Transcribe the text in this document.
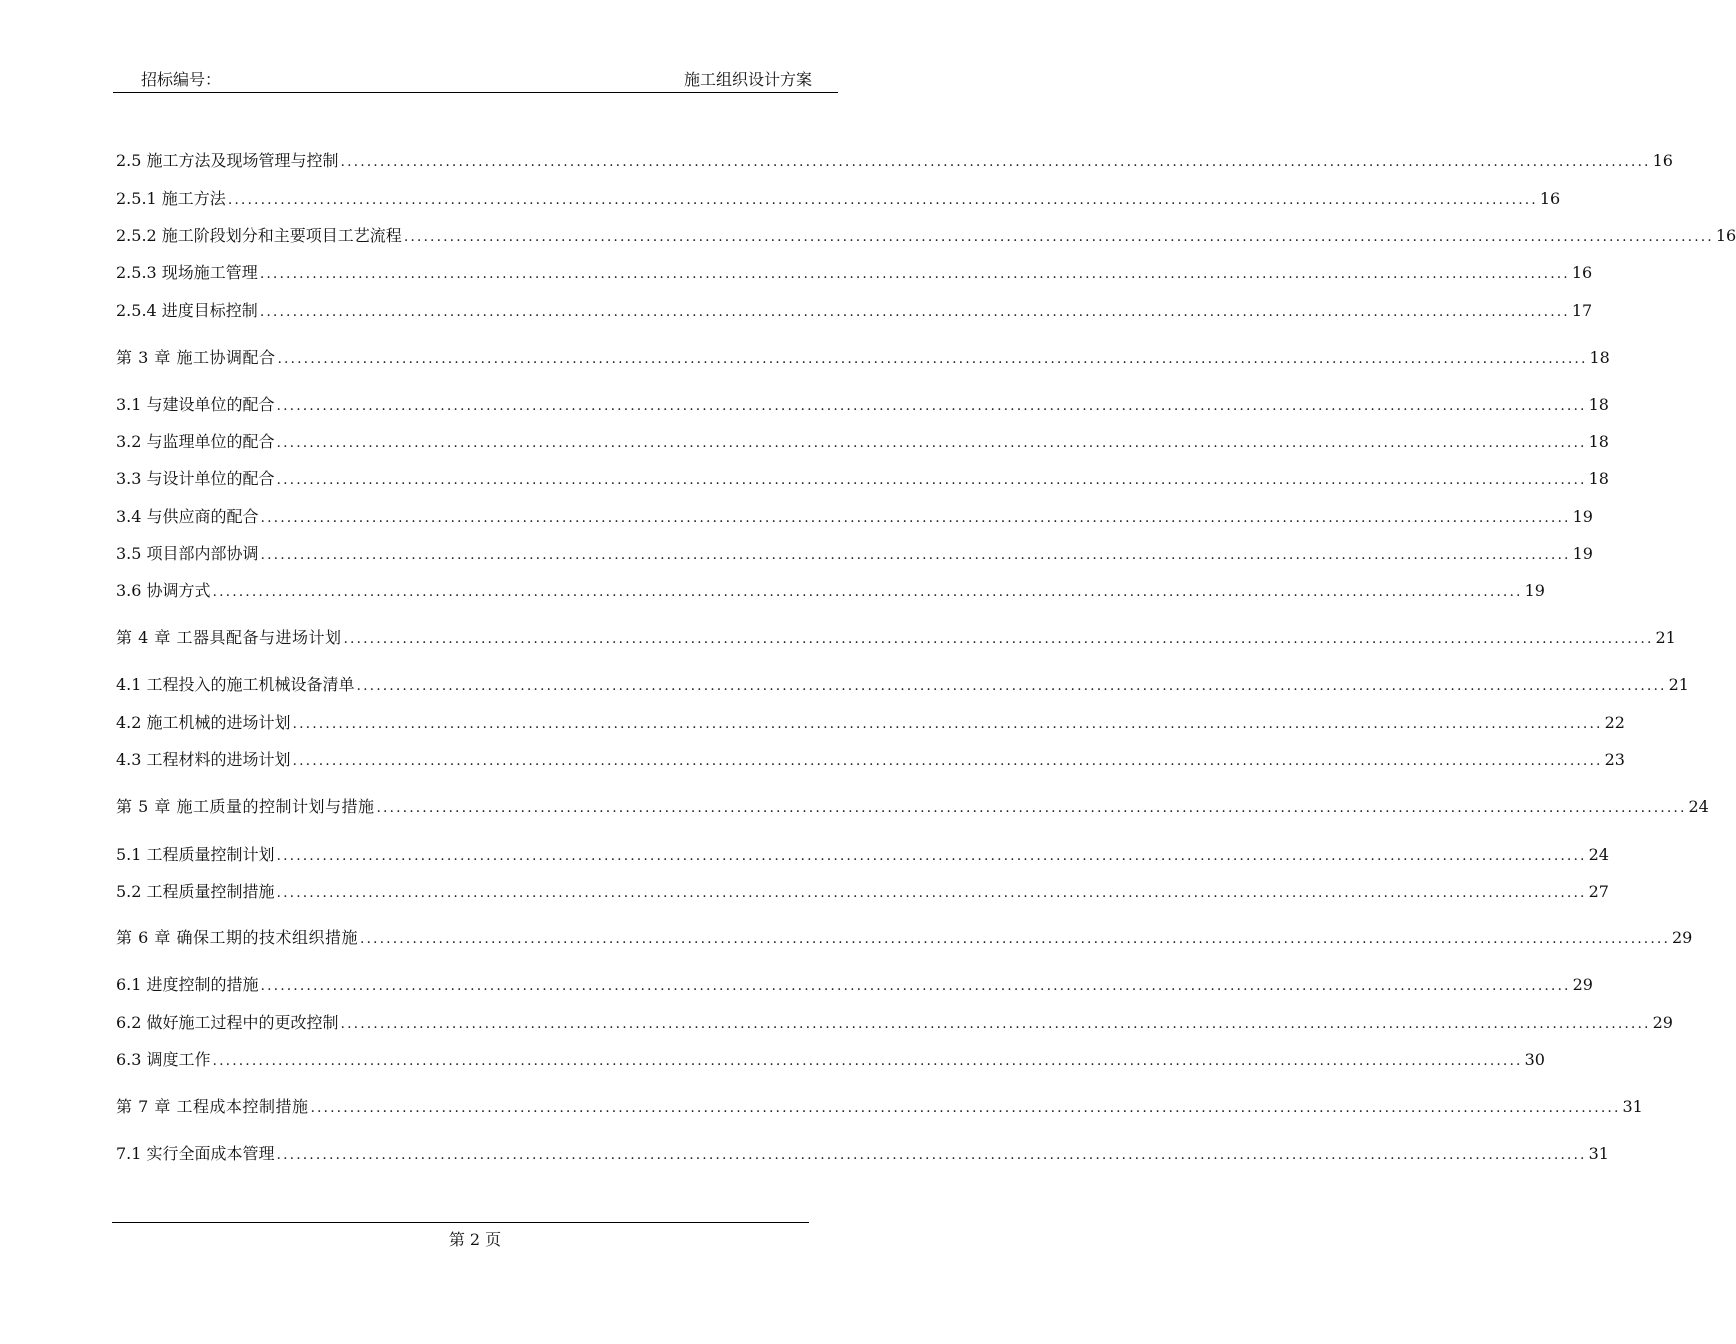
招标编号：	施工组织设计方案
2.5 施工方法及现场管理与控制 ........................................................................................................................................................................................................ 16
2.5.1 施工方法 ........................................................................................................................................................................................................ 16
2.5.2 施工阶段划分和主要项目工艺流程 ........................................................................................................................................................................................................ 16
2.5.3 现场施工管理 ........................................................................................................................................................................................................ 16
2.5.4 进度目标控制 ........................................................................................................................................................................................................ 17
第 3 章 施工协调配合 ........................................................................................................................................................................................................ 18
3.1 与建设单位的配合 ........................................................................................................................................................................................................ 18
3.2 与监理单位的配合 ........................................................................................................................................................................................................ 18
3.3 与设计单位的配合 ........................................................................................................................................................................................................ 18
3.4 与供应商的配合 ........................................................................................................................................................................................................ 19
3.5 项目部内部协调 ........................................................................................................................................................................................................ 19
3.6 协调方式 ........................................................................................................................................................................................................ 19
第 4 章 工器具配备与进场计划 ........................................................................................................................................................................................................ 21
4.1 工程投入的施工机械设备清单 ........................................................................................................................................................................................................ 21
4.2 施工机械的进场计划 ........................................................................................................................................................................................................ 22
4.3 工程材料的进场计划 ........................................................................................................................................................................................................ 23
第 5 章 施工质量的控制计划与措施 ........................................................................................................................................................................................................ 24
5.1 工程质量控制计划 ........................................................................................................................................................................................................ 24
5.2 工程质量控制措施 ........................................................................................................................................................................................................ 27
第 6 章 确保工期的技术组织措施 ........................................................................................................................................................................................................ 29
6.1 进度控制的措施 ........................................................................................................................................................................................................ 29
6.2 做好施工过程中的更改控制 ........................................................................................................................................................................................................ 29
6.3 调度工作 ........................................................................................................................................................................................................ 30
第 7 章 工程成本控制措施 ........................................................................................................................................................................................................ 31
7.1 实行全面成本管理 ........................................................................................................................................................................................................ 31
第 2 页
